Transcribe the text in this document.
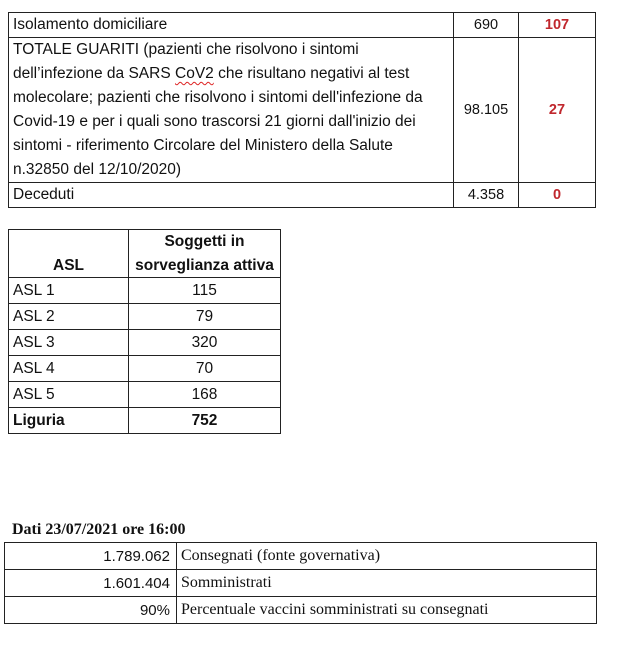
Isolamento domiciliare	690	107
TOTALE GUARITI (pazienti che risolvono i sintomi dell’infezione da SARS CoV2 che risultano negativi al test molecolare; pazienti che risolvono i sintomi dell'infezione da Covid-19 e per i quali sono trascorsi 21 giorni dall'inizio dei sintomi - riferimento Circolare del Ministero della Salute n.32850 del 12/10/2020)	98.105	27
Deceduti	4.358	0
ASL	Soggetti in sorveglianza attiva
ASL 1	115
ASL 2	79
ASL 3	320
ASL 4	70
ASL 5	168
Liguria	752
Dati 23/07/2021 ore 16:00
1.789.062	Consegnati (fonte governativa)
1.601.404	Somministrati
90%	Percentuale vaccini somministrati su consegnati
